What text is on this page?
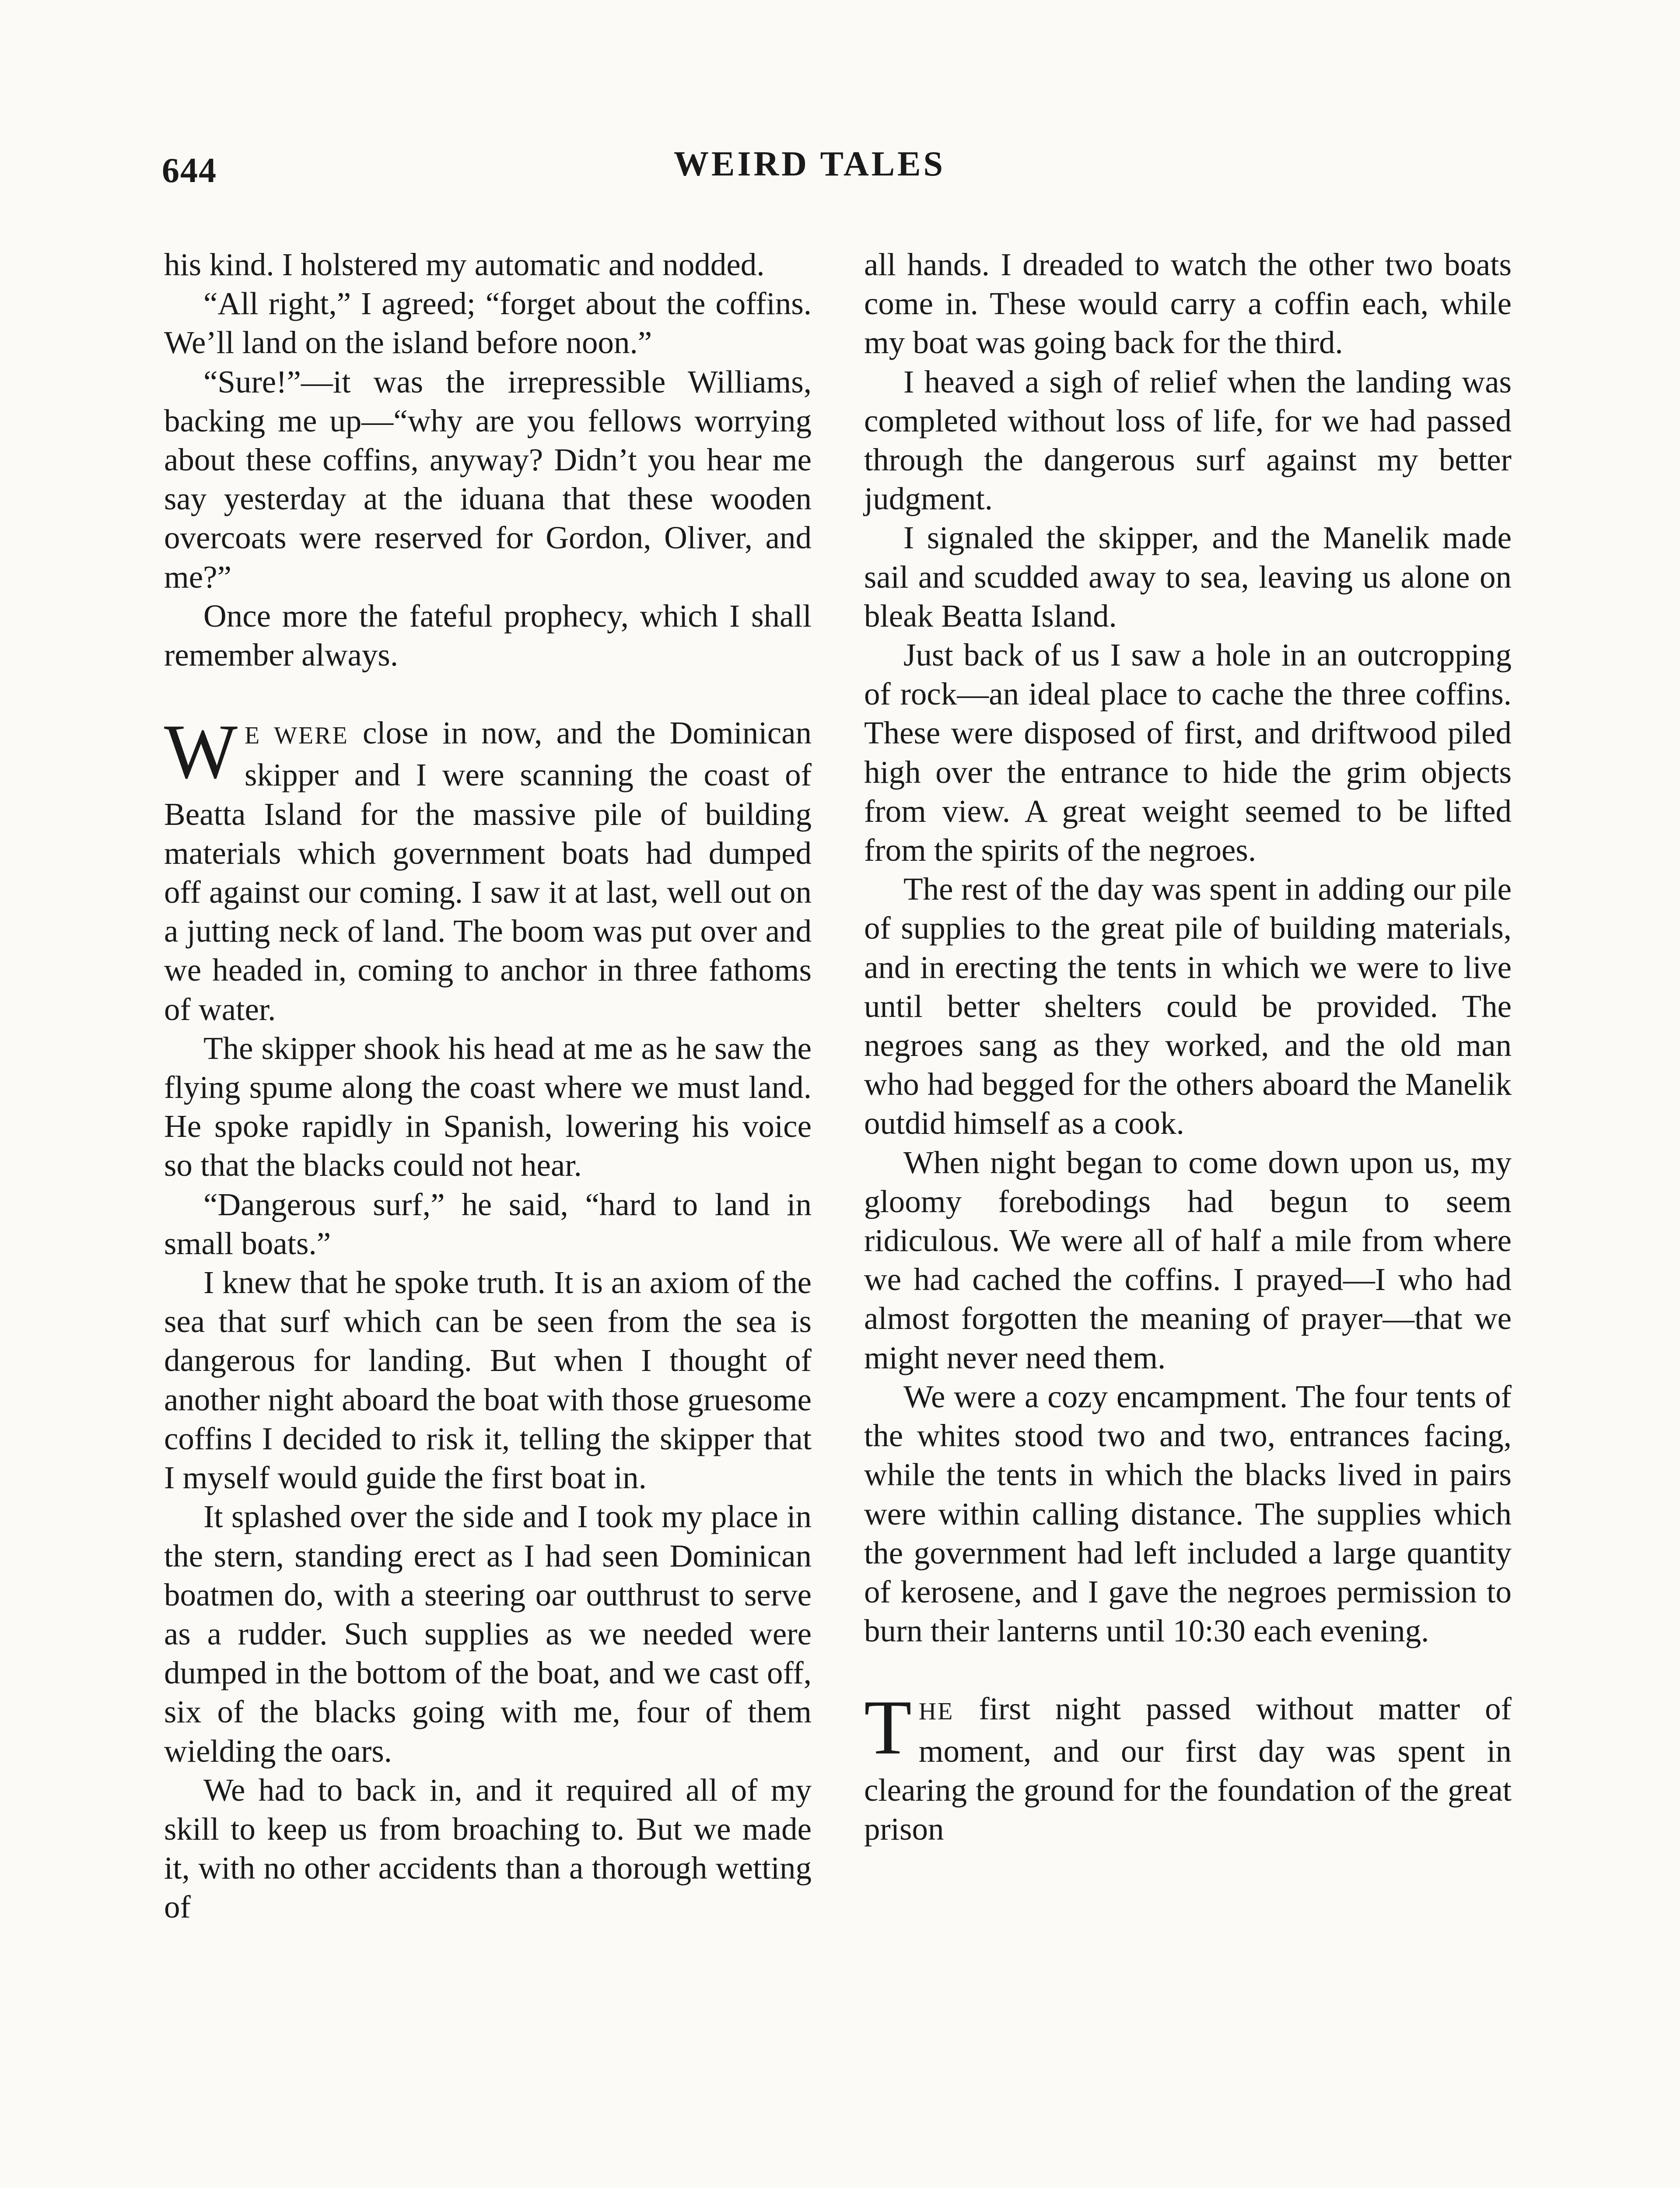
644	WEIRD TALES

his kind. I holstered my automatic and nodded.

“All right,” I agreed; “forget about the coffins. We’ll land on the island before noon.”

“Sure!”—it was the irrepressible Williams, backing me up—“why are you fellows worrying about these coffins, anyway? Didn’t you hear me say yesterday at the iduana that these wooden overcoats were reserved for Gordon, Oliver, and me?”

Once more the fateful prophecy, which I shall remember always.

W E WERE close in now, and the Dominican skipper and I were scanning the coast of Beatta Island for the massive pile of building materials which government boats had dumped off against our coming. I saw it at last, well out on a jutting neck of land. The boom was put over and we headed in, coming to anchor in three fathoms of water.

The skipper shook his head at me as he saw the flying spume along the coast where we must land. He spoke rapidly in Spanish, lowering his voice so that the blacks could not hear.

“Dangerous surf,” he said, “hard to land in small boats.”

I knew that he spoke truth. It is an axiom of the sea that surf which can be seen from the sea is dangerous for landing. But when I thought of another night aboard the boat with those gruesome coffins I decided to risk it, telling the skipper that I myself would guide the first boat in.

It splashed over the side and I took my place in the stern, standing erect as I had seen Dominican boatmen do, with a steering oar outthrust to serve as a rudder. Such supplies as we needed were dumped in the bottom of the boat, and we cast off, six of the blacks going with me, four of them wielding the oars.

We had to back in, and it required all of my skill to keep us from broaching to. But we made it, with no other accidents than a thorough wetting of

all hands. I dreaded to watch the other two boats come in. These would carry a coffin each, while my boat was going back for the third.

I heaved a sigh of relief when the landing was completed without loss of life, for we had passed through the dangerous surf against my better judgment.

I signaled the skipper, and the Manelik made sail and scudded away to sea, leaving us alone on bleak Beatta Island.

Just back of us I saw a hole in an outcropping of rock—an ideal place to cache the three coffins. These were disposed of first, and driftwood piled high over the entrance to hide the grim objects from view. A great weight seemed to be lifted from the spirits of the negroes.

The rest of the day was spent in adding our pile of supplies to the great pile of building materials, and in erecting the tents in which we were to live until better shelters could be provided. The negroes sang as they worked, and the old man who had begged for the others aboard the Manelik outdid himself as a cook.

When night began to come down upon us, my gloomy forebodings had begun to seem ridiculous. We were all of half a mile from where we had cached the coffins. I prayed—I who had almost forgotten the meaning of prayer—that we might never need them.

We were a cozy encampment. The four tents of the whites stood two and two, entrances facing, while the tents in which the blacks lived in pairs were within calling distance. The supplies which the government had left included a large quantity of kerosene, and I gave the negroes permission to burn their lanterns until 10:30 each evening.

THE first night passed without matter of moment, and our first day was spent in clearing the ground for the foundation of the great prison
